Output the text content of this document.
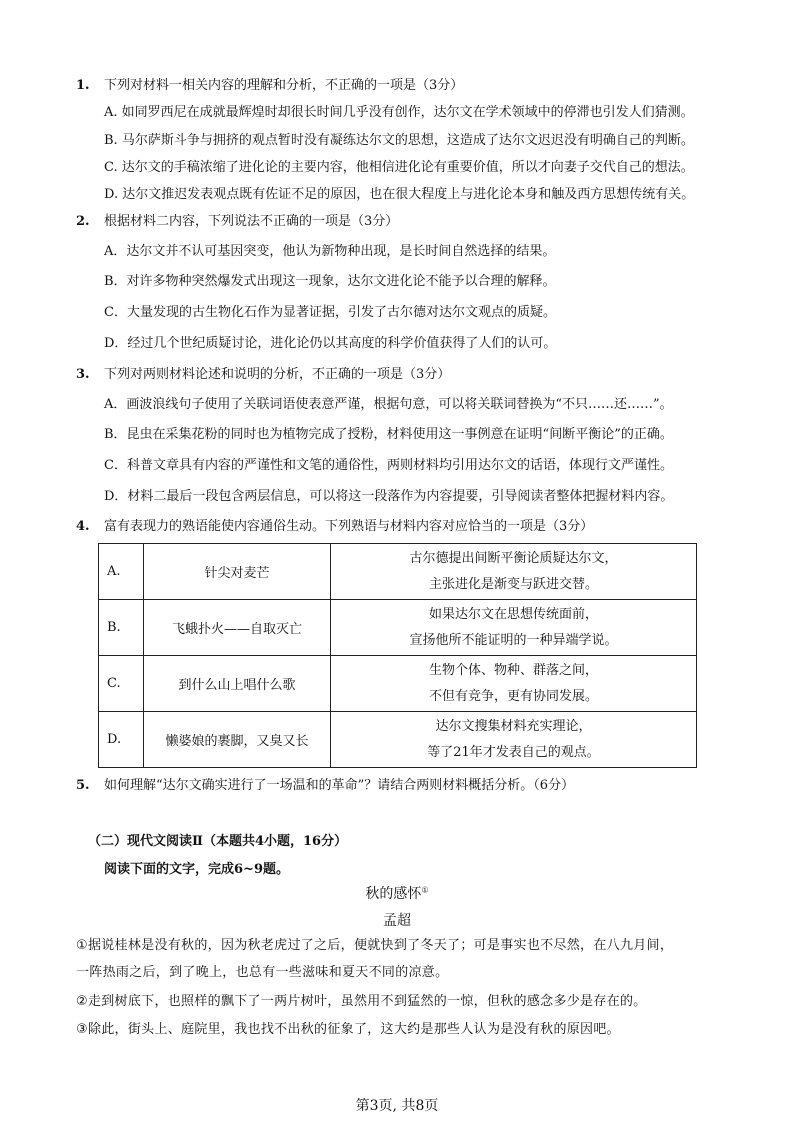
1. 下列对材料一相关内容的理解和分析，不正确的一项是（3分）
A. 如同罗西尼在成就最辉煌时却很长时间几乎没有创作，达尔文在学术领域中的停滞也引发人们猜测。
B. 马尔萨斯斗争与拥挤的观点暂时没有凝练达尔文的思想，这造成了达尔文迟迟没有明确自己的判断。
C. 达尔文的手稿浓缩了进化论的主要内容，他相信进化论有重要价值，所以才向妻子交代自己的想法。
D. 达尔文推迟发表观点既有佐证不足的原因，也在很大程度上与进化论本身和触及西方思想传统有关。
2. 根据材料二内容，下列说法不正确的一项是（3分）
A．达尔文并不认可基因突变，他认为新物种出现，是长时间自然选择的结果。
B．对许多物种突然爆发式出现这一现象，达尔文进化论不能予以合理的解释。
C．大量发现的古生物化石作为显著证据，引发了古尔德对达尔文观点的质疑。
D．经过几个世纪质疑讨论，进化论仍以其高度的科学价值获得了人们的认可。
3. 下列对两则材料论述和说明的分析，不正确的一项是（3分）
A．画波浪线句子使用了关联词语使表意严谨，根据句意，可以将关联词替换为“不只……还……”。
B．昆虫在采集花粉的同时也为植物完成了授粉，材料使用这一事例意在证明“间断平衡论”的正确。
C．科普文章具有内容的严谨性和文笔的通俗性，两则材料均引用达尔文的话语，体现行文严谨性。
D．材料二最后一段包含两层信息，可以将这一段落作为内容提要，引导阅读者整体把握材料内容。
4. 富有表现力的熟语能使内容通俗生动。下列熟语与材料内容对应恰当的一项是（3分）
A.	针尖对麦芒	古尔德提出间断平衡论质疑达尔文，
主张进化是渐变与跃进交替。

B.	飞蛾扑火——自取灭亡	如果达尔文在思想传统面前，
宣扬他所不能证明的一种异端学说。

C.	到什么山上唱什么歌	生物个体、物种、群落之间，
不但有竞争，更有协同发展。

D.	懒婆娘的裹脚，又臭又长	达尔文搜集材料充实理论，
等了21年才发表自己的观点。
5. 如何理解“达尔文确实进行了一场温和的革命”？请结合两则材料概括分析。（6分）
（二）现代文阅读Ⅱ（本题共4小题，16分）
阅读下面的文字，完成6~9题。
秋的感怀①
孟超
①据说桂林是没有秋的，因为秋老虎过了之后，便就快到了冬天了；可是事实也不尽然，在八九月间，
一阵热雨之后，到了晚上，也总有一些滋味和夏天不同的凉意。
②走到树底下，也照样的飘下了一两片树叶，虽然用不到猛然的一惊，但秋的感念多少是存在的。
③除此，街头上、庭院里，我也找不出秋的征象了，这大约是那些人认为是没有秋的原因吧。
第3页, 共8页
